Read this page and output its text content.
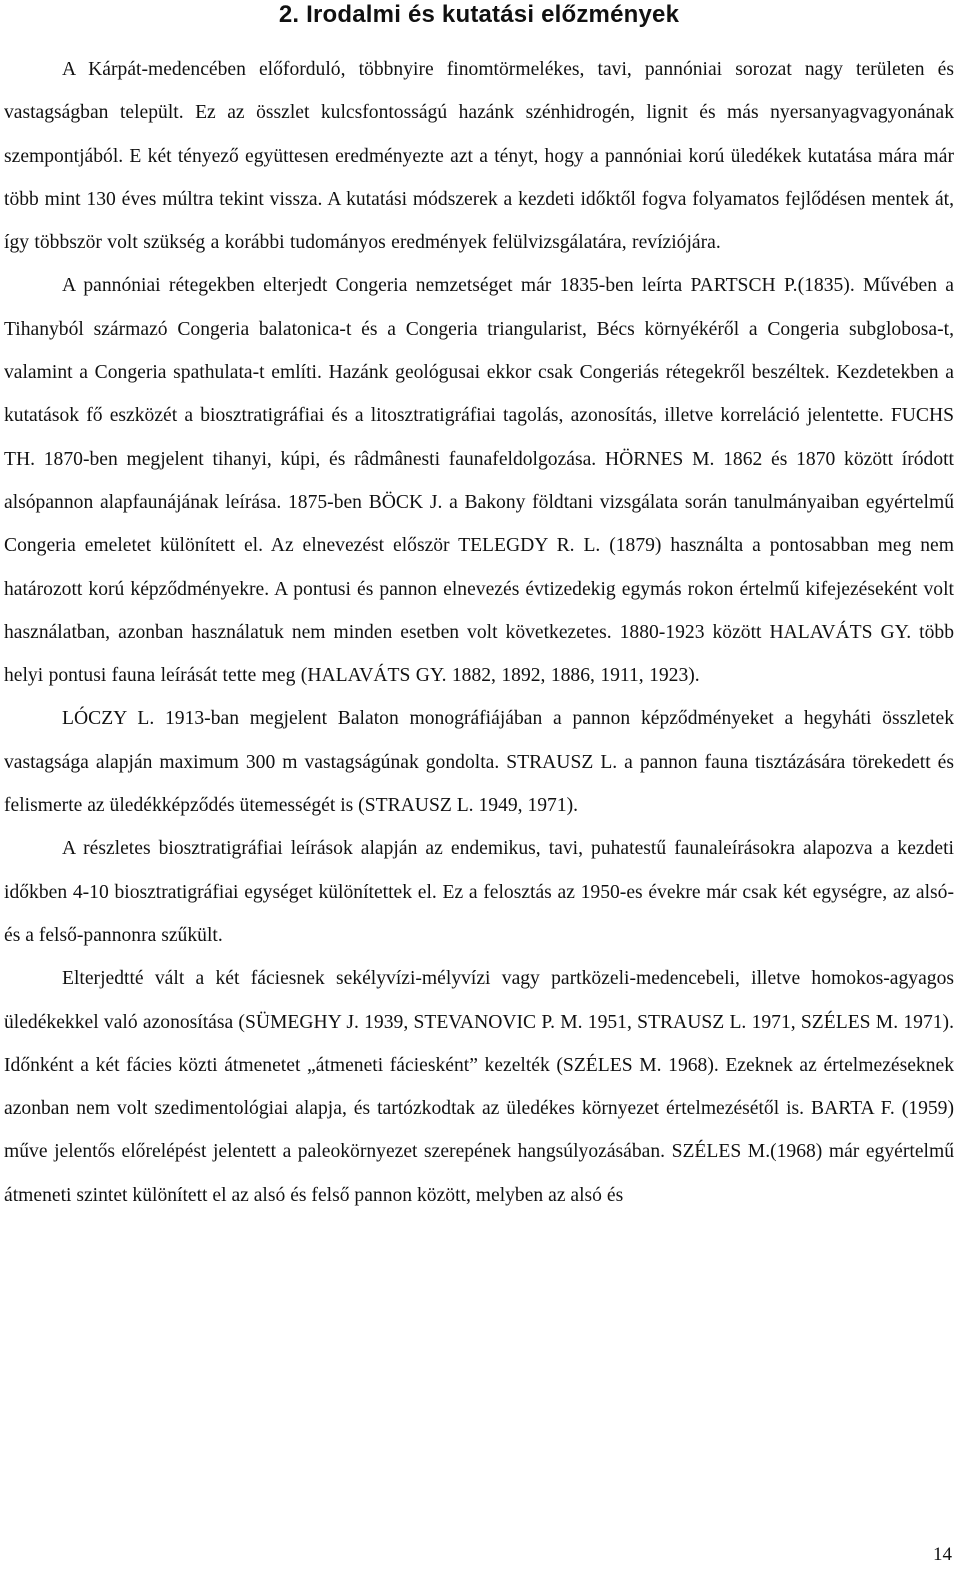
2. Irodalmi és kutatási előzmények

A Kárpát-medencében előforduló, többnyire finomtörmelékes, tavi, pannóniai sorozat nagy területen és vastagságban települt. Ez az összlet kulcsfontosságú hazánk szénhidrogén, lignit és más nyersanyagvagyonának szempontjából. E két tényező együttesen eredményezte azt a tényt, hogy a pannóniai korú üledékek kutatása mára már több mint 130 éves múltra tekint vissza. A kutatási módszerek a kezdeti időktől fogva folyamatos fejlődésen mentek át, így többször volt szükség a korábbi tudományos eredmények felülvizsgálatára, revíziójára.

A pannóniai rétegekben elterjedt Congeria nemzetséget már 1835-ben leírta PARTSCH P.(1835). Művében a Tihanyból származó Congeria balatonica-t és a Congeria triangularist, Bécs környékéről a Congeria subglobosa-t, valamint a Congeria spathulata-t említi. Hazánk geológusai ekkor csak Congeriás rétegekről beszéltek. Kezdetekben a kutatások fő eszközét a biosztratigráfiai és a litosztratigráfiai tagolás, azonosítás, illetve korreláció jelentette. FUCHS TH. 1870-ben megjelent tihanyi, kúpi, és râdmânesti faunafeldolgozása. HÖRNES M. 1862 és 1870 között íródott alsópannon alapfaunájának leírása. 1875-ben BÖCK J. a Bakony földtani vizsgálata során tanulmányaiban egyértelmű Congeria emeletet különített el. Az elnevezést először TELEGDY R. L. (1879) használta a pontosabban meg nem határozott korú képződményekre. A pontusi és pannon elnevezés évtizedekig egymás rokon értelmű kifejezéseként volt használatban, azonban használatuk nem minden esetben volt következetes. 1880-1923 között HALAVÁTS GY. több helyi pontusi fauna leírását tette meg (HALAVÁTS GY. 1882, 1892, 1886, 1911, 1923).

LÓCZY L. 1913-ban megjelent Balaton monográfiájában a pannon képződményeket a hegyháti összletek vastagsága alapján maximum 300 m vastagságúnak gondolta. STRAUSZ L. a pannon fauna tisztázására törekedett és felismerte az üledékképződés ütemességét is (STRAUSZ L. 1949, 1971).

A részletes biosztratigráfiai leírások alapján az endemikus, tavi, puhatestű faunaleírásokra alapozva a kezdeti időkben 4-10 biosztratigráfiai egységet különítettek el. Ez a felosztás az 1950-es évekre már csak két egységre, az alsó- és a felső-pannonra szűkült.

Elterjedtté vált a két fáciesnek sekélyvízi-mélyvízi vagy partközeli-medencebeli, illetve homokos-agyagos üledékekkel való azonosítása (SÜMEGHY J. 1939, STEVANOVIC P. M. 1951, STRAUSZ L. 1971, SZÉLES M. 1971). Időnként a két fácies közti átmenetet „átmeneti fáciesként” kezelték (SZÉLES M. 1968). Ezeknek az értelmezéseknek azonban nem volt szedimentológiai alapja, és tartózkodtak az üledékes környezet értelmezésétől is. BARTA F. (1959) műve jelentős előrelépést jelentett a paleokörnyezet szerepének hangsúlyozásában. SZÉLES M.(1968) már egyértelmű átmeneti szintet különített el az alsó és felső pannon között, melyben az alsó és

14
